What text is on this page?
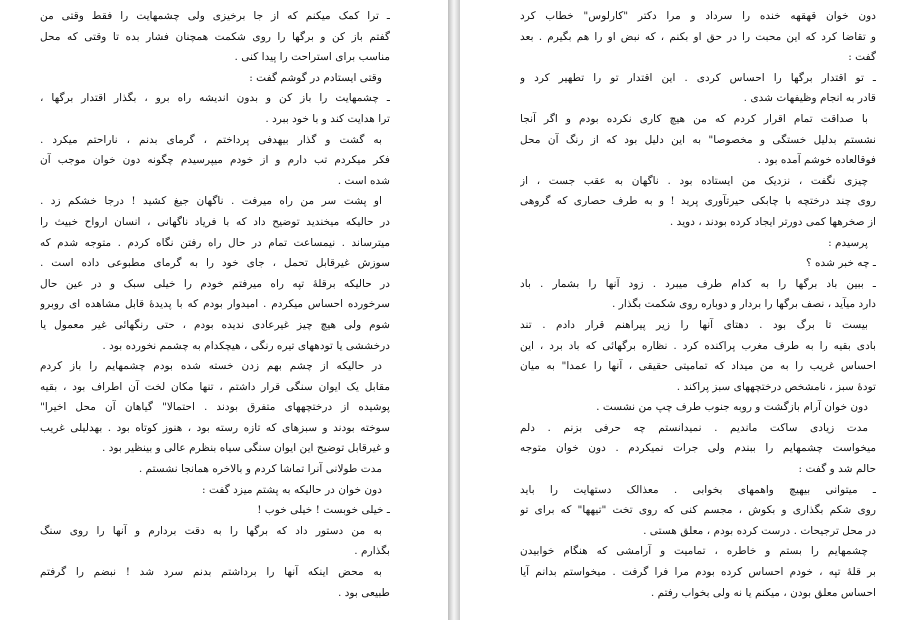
ـ ترا کمک میکنم که از جا برخیزی ولی چشمهایت را فقط وقتی من
گفتم باز کن و برگها را روی شکمت همچنان فشار بده تا وقتی که محل
مناسب برای استراحت را پیدا کنی .
وقتی ایستادم در گوشم گفت :
ـ چشمهایت را باز کن و بدون اندیشه راه برو ، بگذار اقتدار برگها ،
ترا هدایت کند و با خود ببرد .
به گشت و گذار بیهدفی پرداختم ، گرمای بدنم ، ناراحتم میکرد .
فکر میکردم تب دارم و از خودم میپرسیدم چگونه دون خوان موجب آن
شده است .
او پشت سر من راه میرفت . ناگهان جیغ کشید ! درجا خشکم زد .
در حالیکه میخندید توضیح داد که با فریاد ناگهانی ، انسان ارواح خبیث را
میترساند . نیمساعت تمام در حال راه رفتن نگاه کردم . متوجه شدم که
سوزش غیرقابل تحمل ، جای خود را به گرمای مطبوعی داده است .
در حالیکه برقلهٔ تپه راه میرفتم خودم را خیلی سبک و در عین حال
سرخورده احساس میکردم . امیدوار بودم که با پدیدهٔ قابل مشاهده ای روبرو
شوم ولی هیچ چیز غیرعادی ندیده بودم ، حتی رنگهائی غیر معمول یا
درخششی یا تودههای تیره رنگی ، هیچکدام به چشمم نخورده بود .
در حالیکه از چشم بهم زدن خسته شده بودم چشمهایم را باز کردم
مقابل یک ایوان سنگی قرار داشتم ، تنها مکان لخت آن اطراف بود ، بقیه
پوشیده از درختچههای متفرق بودند . احتمالا" گیاهان آن محل اخیرا"
سوخته بودند و سبزهای که تازه رسته بود ، هنوز کوتاه بود . بهدلیلی غریب
و غیرقابل توضیح این ایوان سنگی سیاه بنظرم عالی و بینظیر بود .
مدت طولانی آنرا تماشا کردم و بالاخره همانجا نشستم .
دون خوان در حالیکه به پشتم میزد گفت :
ـ خیلی خوبست ! خیلی خوب !
به من دستور داد که برگها را به دقت بردارم و آنها را روی سنگ
بگذارم .
به محض اینکه آنها را برداشتم بدنم سرد شد ! نبضم را گرفتم
طبیعی بود .
دون خوان قهقهه خنده را سرداد و مرا دکتر "کارلوس" خطاب کرد
و تقاضا کرد که این محبت را در حق او بکنم ، که نبض او را هم بگیرم . بعد
گفت :
ـ تو اقتدار برگها را احساس کردی . این اقتدار تو را تطهیر کرد و
قادر به انجام وظیفهات شدی .
با صداقت تمام اقرار کردم که من هیچ کاری نکرده بودم و اگر آنجا
نشستم بدلیل خستگی و مخصوصا" به این دلیل بود که از رنگ آن محل
فوقالعاده خوشم آمده بود .
چیزی نگفت ، نزدیک من ایستاده بود . ناگهان به عقب جست ، از
روی چند درختچه با چابکی حیرتآوری پرید ! و به طرف حصاری که گروهی
از صخرهها کمی دورتر ایجاد کرده بودند ، دوید .
پرسیدم :
ـ چه خبر شده ؟
ـ ببین باد برگها را به کدام طرف میبرد . زود آنها را بشمار . باد
دارد میآید ، نصف برگها را بردار و دوباره روی شکمت بگذار .
بیست تا برگ بود . دهتای آنها را زیر پیراهنم قرار دادم . تند
بادی بقیه را به طرف مغرب پراکنده کرد . نظاره برگهائی که باد برد ، این
احساس غریب را به من میداد که تمامیتی حقیقی ، آنها را عمدا" به میان
تودهٔ سبز ، نامشخص درختچههای سبز پراکند .
دون خوان آرام بازگشت و روبه جنوب طرف چپ من نشست .
مدت زیادی ساکت ماندیم . نمیدانستم چه حرفی بزنم . دلم
میخواست چشمهایم را ببندم ولی جرات نمیکردم . دون خوان متوجه
حالم شد و گفت :
ـ میتوانی بیهیچ واهمهای بخوابی . معذالک دستهایت را باید
روی شکم بگذاری و بکوش ، مجسم کنی که روی تخت "تیهها" که برای تو
در محل ترجیحات . درست کرده بودم ، معلق هستی .
چشمهایم را بستم و خاطره ، تمامیت و آرامشی که هنگام خوابیدن
بر قلهٔ تپه ، خودم احساس کرده بودم مرا فرا گرفت . میخواستم بدانم آیا
احساس معلق بودن ، میکنم یا نه ولی بخواب رفتم .
